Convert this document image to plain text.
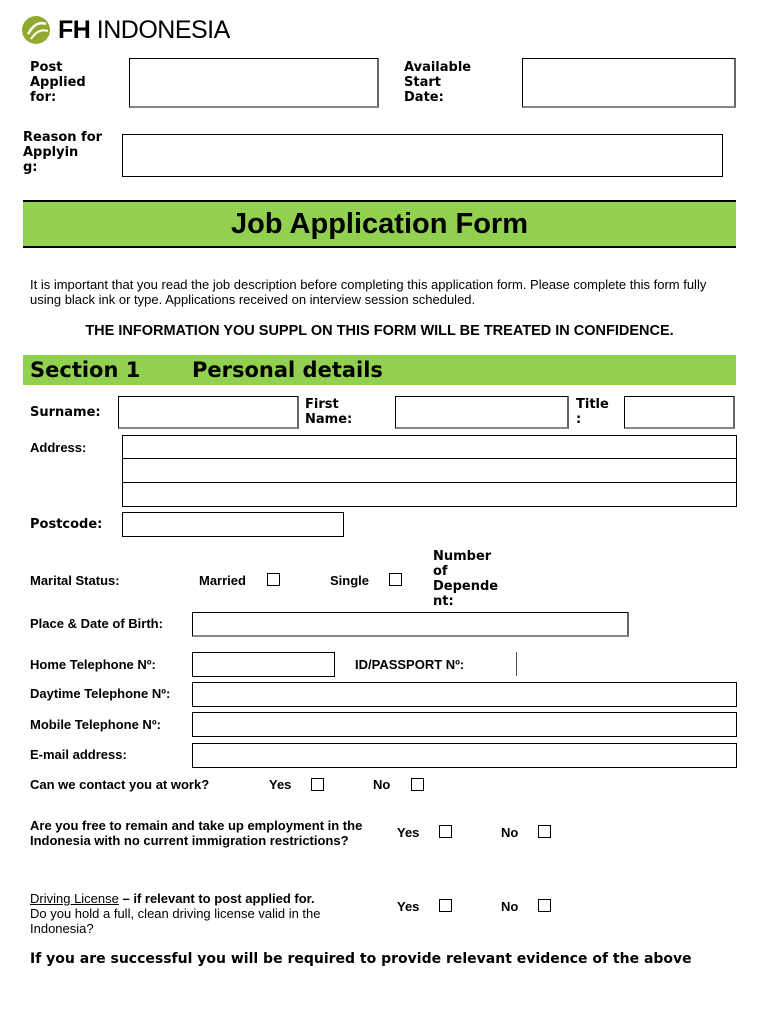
FH INDONESIA
Post
Applied
for:
Available
Start
Date:
Reason for
Applyin
g:
Job Application Form
It is important that you read the job description before completing this application form. Please complete this form fully using black ink or type. Applications received on interview session scheduled.
THE INFORMATION YOU SUPPL ON THIS FORM WILL BE TREATED IN CONFIDENCE.
Section 1 Personal details
Surname:
First
Name:
Title
:
Address:
Postcode:
Marital Status:	Married	Single
Number
of
Depende
nt:
Place & Date of Birth:
Home Telephone Nº:	ID/PASSPORT Nº:
Daytime Telephone Nº:
Mobile Telephone Nº:
E-mail address:
Can we contact you at work?	Yes	No
Are you free to remain and take up employment in the Indonesia with no current immigration restrictions?
Yes	No
Driving License – if relevant to post applied for.
Do you hold a full, clean driving license valid in the Indonesia?
Yes	No
If you are successful you will be required to provide relevant evidence of the above
